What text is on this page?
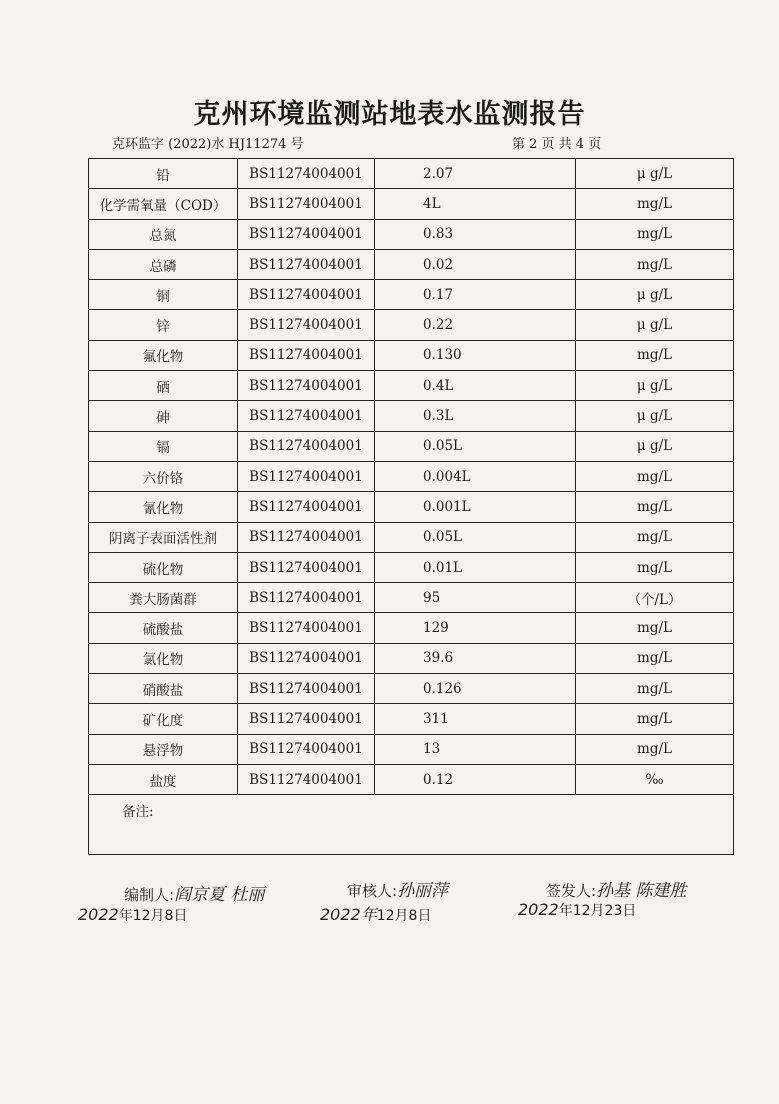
克州环境监测站地表水监测报告
克环监字 (2022)水 HJ11274 号	第 2 页 共 4 页
铅	BS11274004001	2.07	μ g/L
化学需氧量（COD）	BS11274004001	4L	mg/L
总氮	BS11274004001	0.83	mg/L
总磷	BS11274004001	0.02	mg/L
铜	BS11274004001	0.17	μ g/L
锌	BS11274004001	0.22	μ g/L
氟化物	BS11274004001	0.130	mg/L
硒	BS11274004001	0.4L	μ g/L
砷	BS11274004001	0.3L	μ g/L
镉	BS11274004001	0.05L	μ g/L
六价铬	BS11274004001	0.004L	mg/L
氰化物	BS11274004001	0.001L	mg/L
阴离子表面活性剂	BS11274004001	0.05L	mg/L
硫化物	BS11274004001	0.01L	mg/L
粪大肠菌群	BS11274004001	95	（个/L）
硫酸盐	BS11274004001	129	mg/L
氯化物	BS11274004001	39.6	mg/L
硝酸盐	BS11274004001	0.126	mg/L
矿化度	BS11274004001	311	mg/L
悬浮物	BS11274004001	13	mg/L
盐度	BS11274004001	0.12	‰
备注:			
编制人:阎京夏 杜丽
2022年12月8日
审核人:孙丽萍
2022年12月8日
签发人:孙基 陈建胜
2022年12月23日
